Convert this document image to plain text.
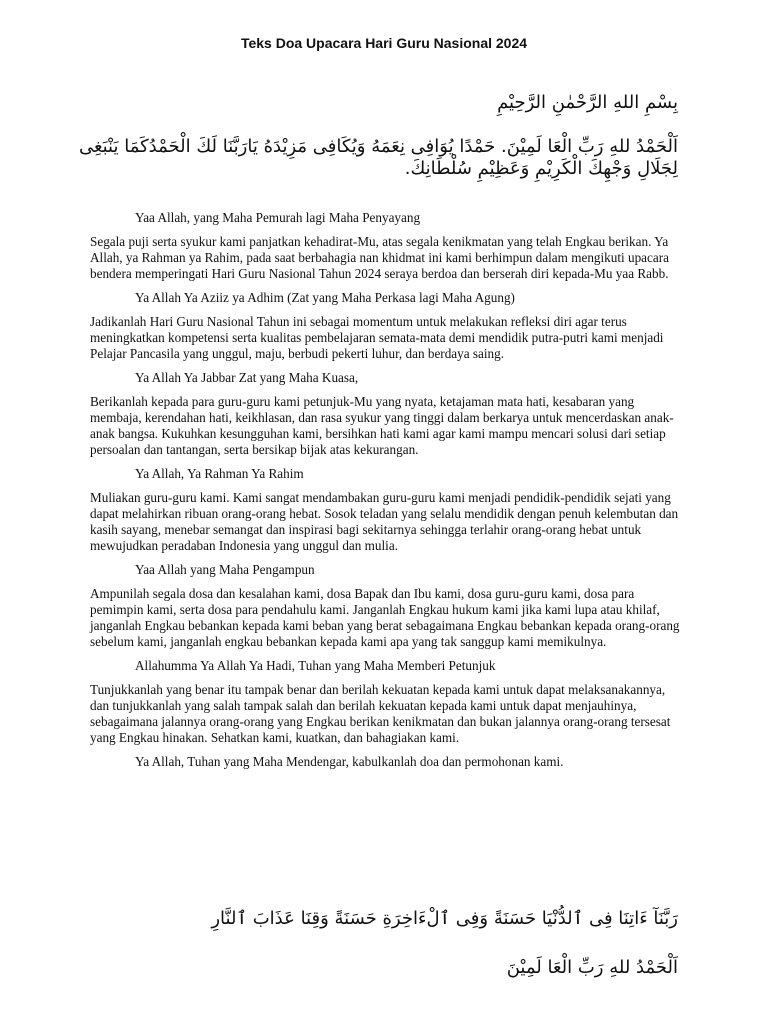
Teks Doa Upacara Hari Guru Nasional 2024
بِسْمِ اللهِ الرَّحْمٰنِ الرَّحِيْمِ
اَلْحَمْدُ للهِ رَبِّ الْعَا لَمِيْنَ. حَمْدًا يُوَافِى نِعَمَهُ وَيُكَافِى مَزِيْدَهُ يَارَبَّنَا لَكَ الْحَمْدُكَمَا يَنْبَغِى لِجَلَالِ وَجْهِكَ الْكَرِيْمِ وَعَظِيْمِ سُلْطَانِكَ.

Yaa Allah, yang Maha Pemurah lagi Maha Penyayang

Segala puji serta syukur kami panjatkan kehadirat-Mu, atas segala kenikmatan yang telah Engkau berikan. Ya Allah, ya Rahman ya Rahim, pada saat berbahagia nan khidmat ini kami berhimpun dalam mengikuti upacara bendera memperingati Hari Guru Nasional Tahun 2024 seraya berdoa dan berserah diri kepada-Mu yaa Rabb.

Ya Allah Ya Aziiz ya Adhim (Zat yang Maha Perkasa lagi Maha Agung)

Jadikanlah Hari Guru Nasional Tahun ini sebagai momentum untuk melakukan refleksi diri agar terus meningkatkan kompetensi serta kualitas pembelajaran semata-mata demi mendidik putra-putri kami menjadi Pelajar Pancasila yang unggul, maju, berbudi pekerti luhur, dan berdaya saing.

Ya Allah Ya Jabbar Zat yang Maha Kuasa,

Berikanlah kepada para guru-guru kami petunjuk-Mu yang nyata, ketajaman mata hati, kesabaran yang membaja, kerendahan hati, keikhlasan, dan rasa syukur yang tinggi dalam berkarya untuk mencerdaskan anak-anak bangsa. Kukuhkan kesungguhan kami, bersihkan hati kami agar kami mampu mencari solusi dari setiap persoalan dan tantangan, serta bersikap bijak atas kekurangan.

Ya Allah, Ya Rahman Ya Rahim

Muliakan guru-guru kami. Kami sangat mendambakan guru-guru kami menjadi pendidik-pendidik sejati yang dapat melahirkan ribuan orang-orang hebat. Sosok teladan yang selalu mendidik dengan penuh kelembutan dan kasih sayang, menebar semangat dan inspirasi bagi sekitarnya sehingga terlahir orang-orang hebat untuk mewujudkan peradaban Indonesia yang unggul dan mulia.

Yaa Allah yang Maha Pengampun

Ampunilah segala dosa dan kesalahan kami, dosa Bapak dan Ibu kami, dosa guru-guru kami, dosa para pemimpin kami, serta dosa para pendahulu kami. Janganlah Engkau hukum kami jika kami lupa atau khilaf, janganlah Engkau bebankan kepada kami beban yang berat sebagaimana Engkau bebankan kepada orang-orang sebelum kami, janganlah engkau bebankan kepada kami apa yang tak sanggup kami memikulnya.

Allahumma Ya Allah Ya Hadi, Tuhan yang Maha Memberi Petunjuk

Tunjukkanlah yang benar itu tampak benar dan berilah kekuatan kepada kami untuk dapat melaksanakannya, dan tunjukkanlah yang salah tampak salah dan berilah kekuatan kepada kami untuk dapat menjauhinya, sebagaimana jalannya orang-orang yang Engkau berikan kenikmatan dan bukan jalannya orang-orang tersesat yang Engkau hinakan. Sehatkan kami, kuatkan, dan bahagiakan kami.

Ya Allah, Tuhan yang Maha Mendengar, kabulkanlah doa dan permohonan kami.

رَبَّنَآ ءَاتِنَا فِى ٱلدُّنْيَا حَسَنَةً وَفِى ٱلْءَاخِرَةِ حَسَنَةً وَقِنَا عَذَابَ ٱلنَّارِ
اَلْحَمْدُ للهِ رَبِّ الْعَا لَمِيْنَ
